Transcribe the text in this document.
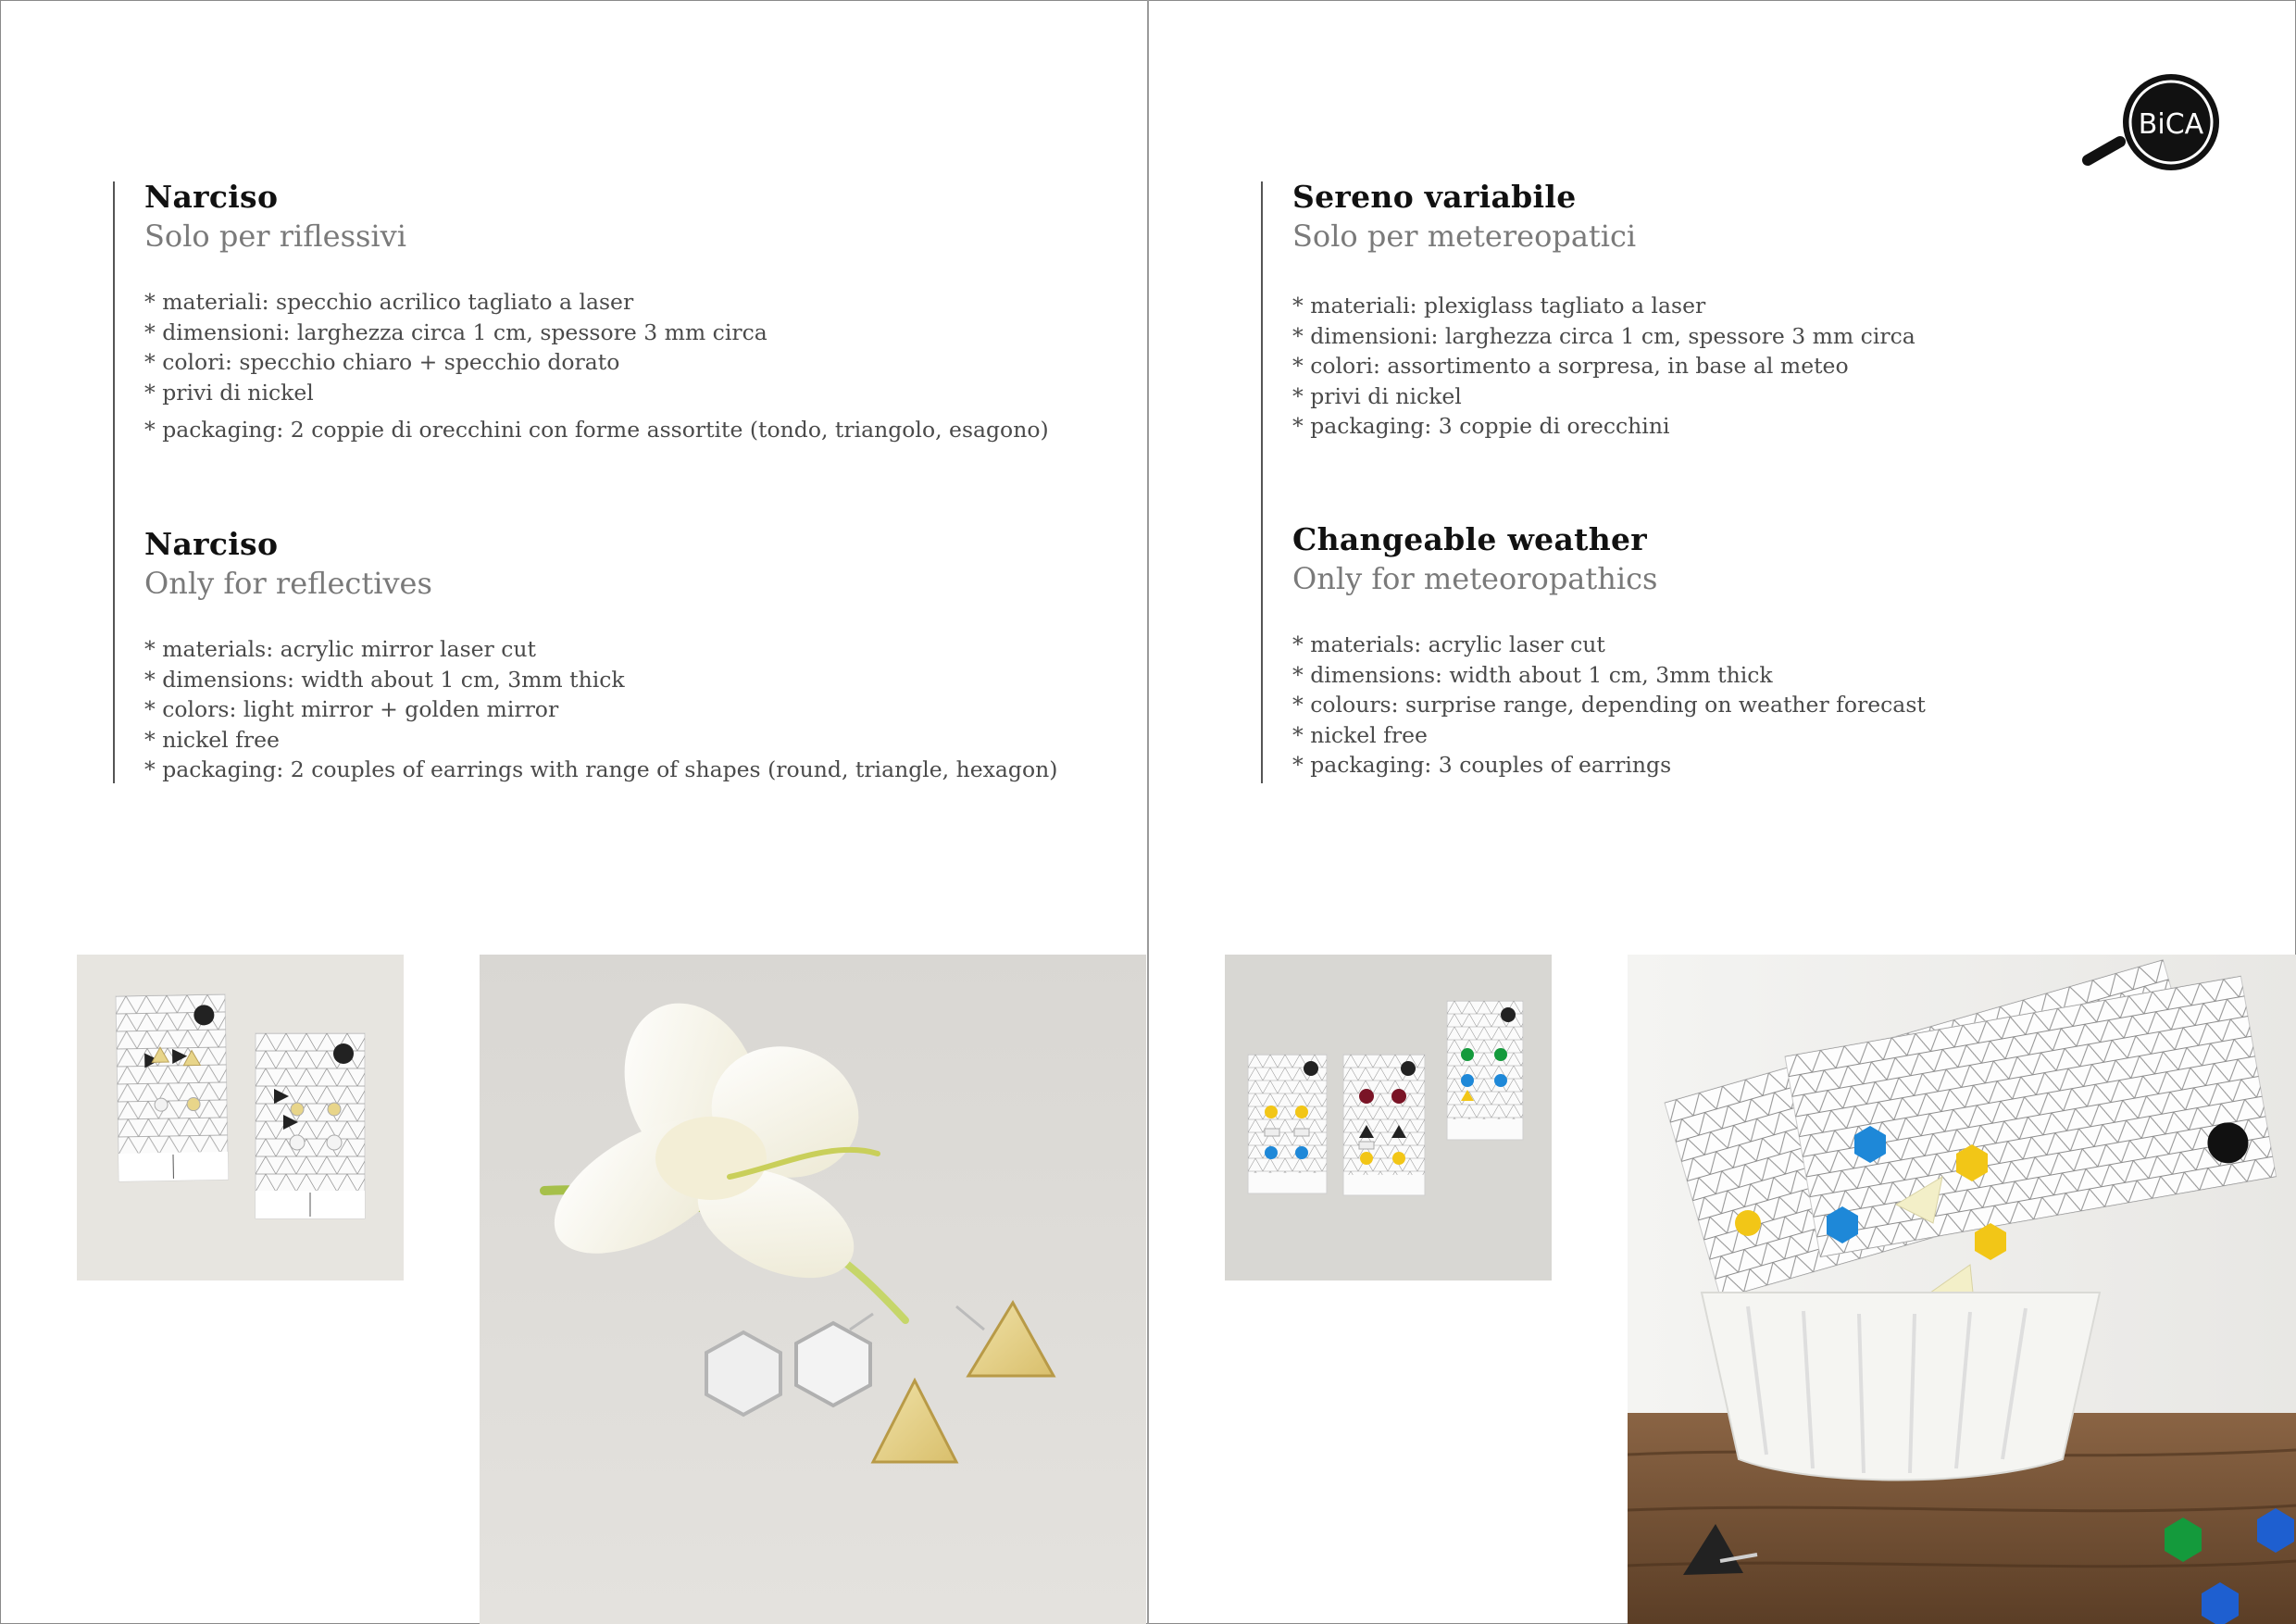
Narciso
Solo per riflessivi
* materiali: specchio acrilico tagliato a laser
* dimensioni: larghezza circa 1 cm, spessore 3 mm circa
* colori: specchio chiaro + specchio dorato
* privi di nickel
* packaging: 2 coppie di orecchini con forme assortite (tondo, triangolo, esagono)
Narciso
Only for reflectives
* materials: acrylic mirror laser cut
* dimensions: width about 1 cm, 3mm thick
* colors: light mirror + golden mirror
* nickel free
* packaging: 2 couples of earrings with range of shapes (round, triangle, hexagon)
BiCA
Sereno variabile
Solo per metereopatici
* materiali: plexiglass tagliato a laser
* dimensioni: larghezza circa 1 cm, spessore 3 mm circa
* colori: assortimento a sorpresa, in base al meteo
* privi di nickel
* packaging: 3 coppie di orecchini
Changeable weather
Only for meteoropathics
* materials: acrylic laser cut
* dimensions: width about 1 cm, 3mm thick
* colours: surprise range, depending on weather forecast
* nickel free
* packaging: 3 couples of earrings
